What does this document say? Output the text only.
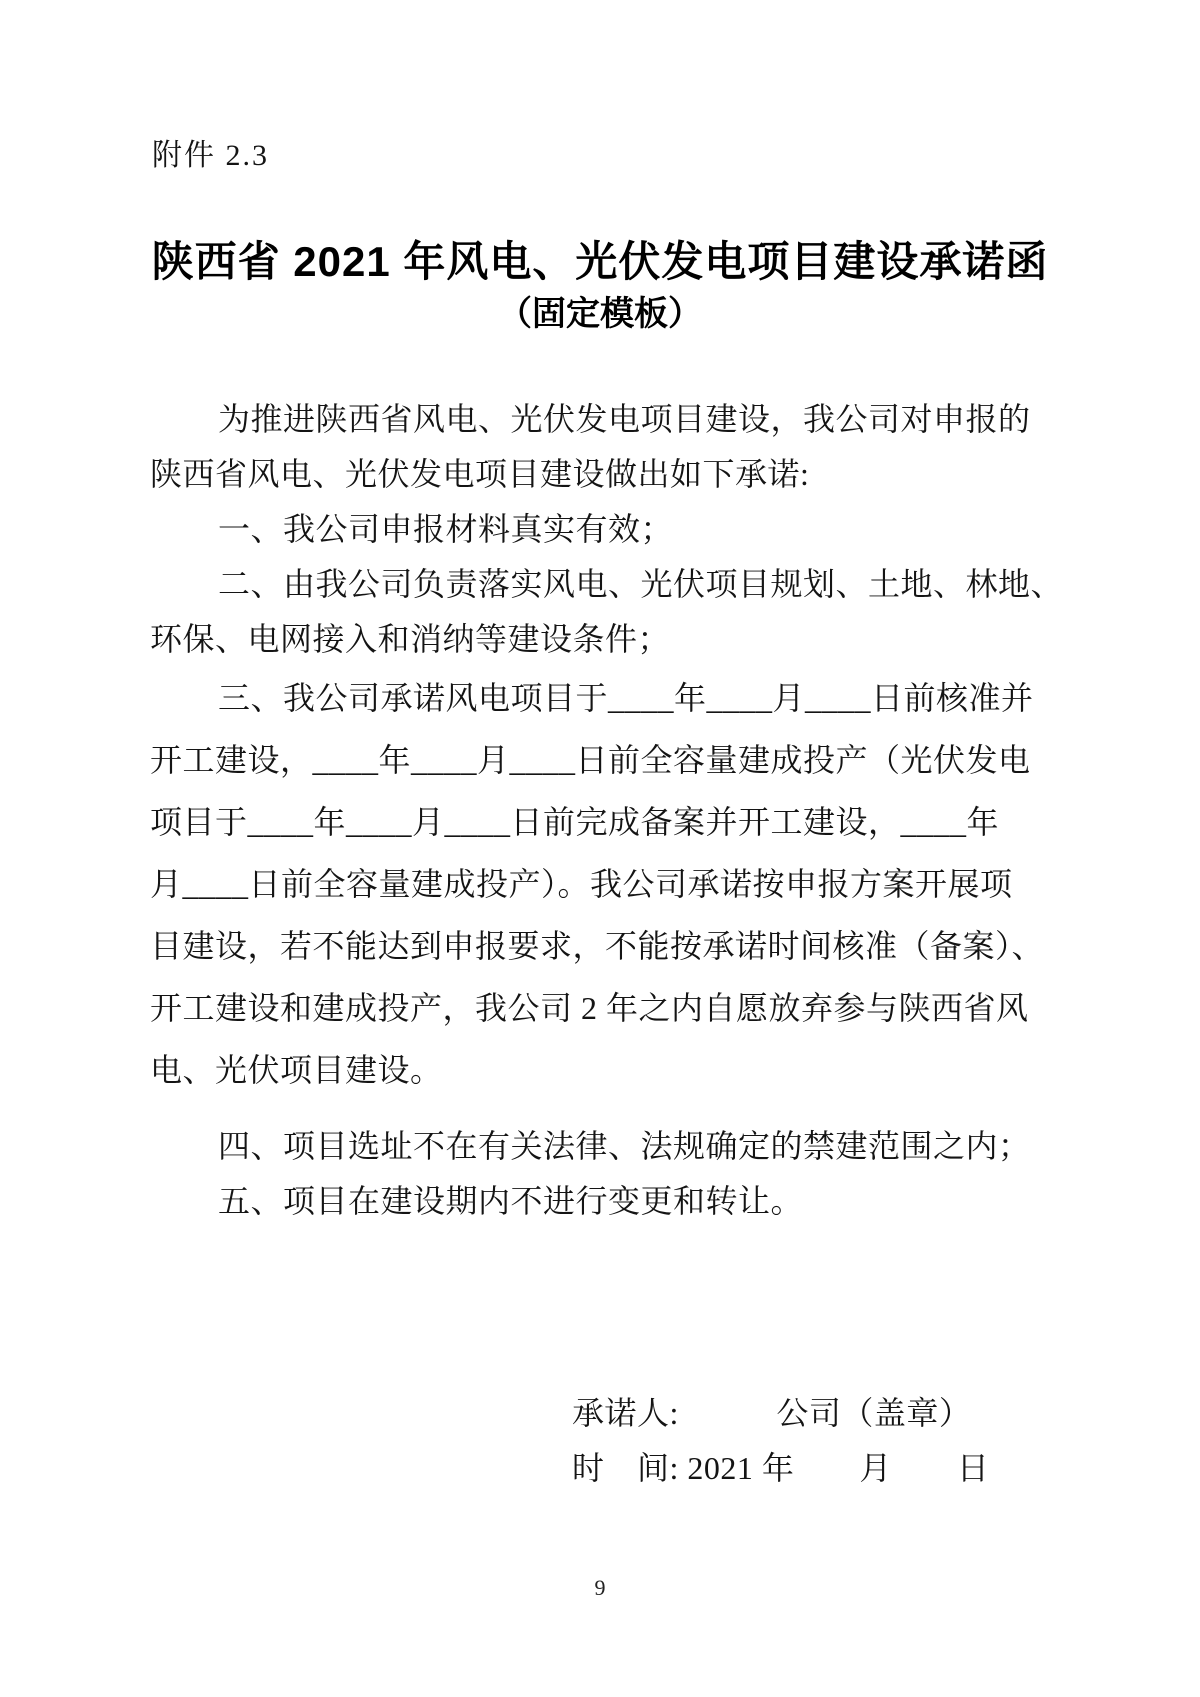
附件 2.3
陕西省 2021 年风电、光伏发电项目建设承诺函
（固定模板）
为推进陕西省风电、光伏发电项目建设，我公司对申报的
陕西省风电、光伏发电项目建设做出如下承诺:
一、我公司申报材料真实有效；
二、由我公司负责落实风电、光伏项目规划、土地、林地、
环保、电网接入和消纳等建设条件；
三、我公司承诺风电项目于____年____月____日前核准并
开工建设，____年____月____日前全容量建成投产（光伏发电
项目于____年____月____日前完成备案并开工建设，____年
月____日前全容量建成投产）。我公司承诺按申报方案开展项
目建设，若不能达到申报要求，不能按承诺时间核准（备案）、
开工建设和建成投产，我公司 2 年之内自愿放弃参与陕西省风
电、光伏项目建设。
四、项目选址不在有关法律、法规确定的禁建范围之内；
五、项目在建设期内不进行变更和转让。
承诺人:　　　公司（盖章）
时　间: 2021 年　　月　　日
9
